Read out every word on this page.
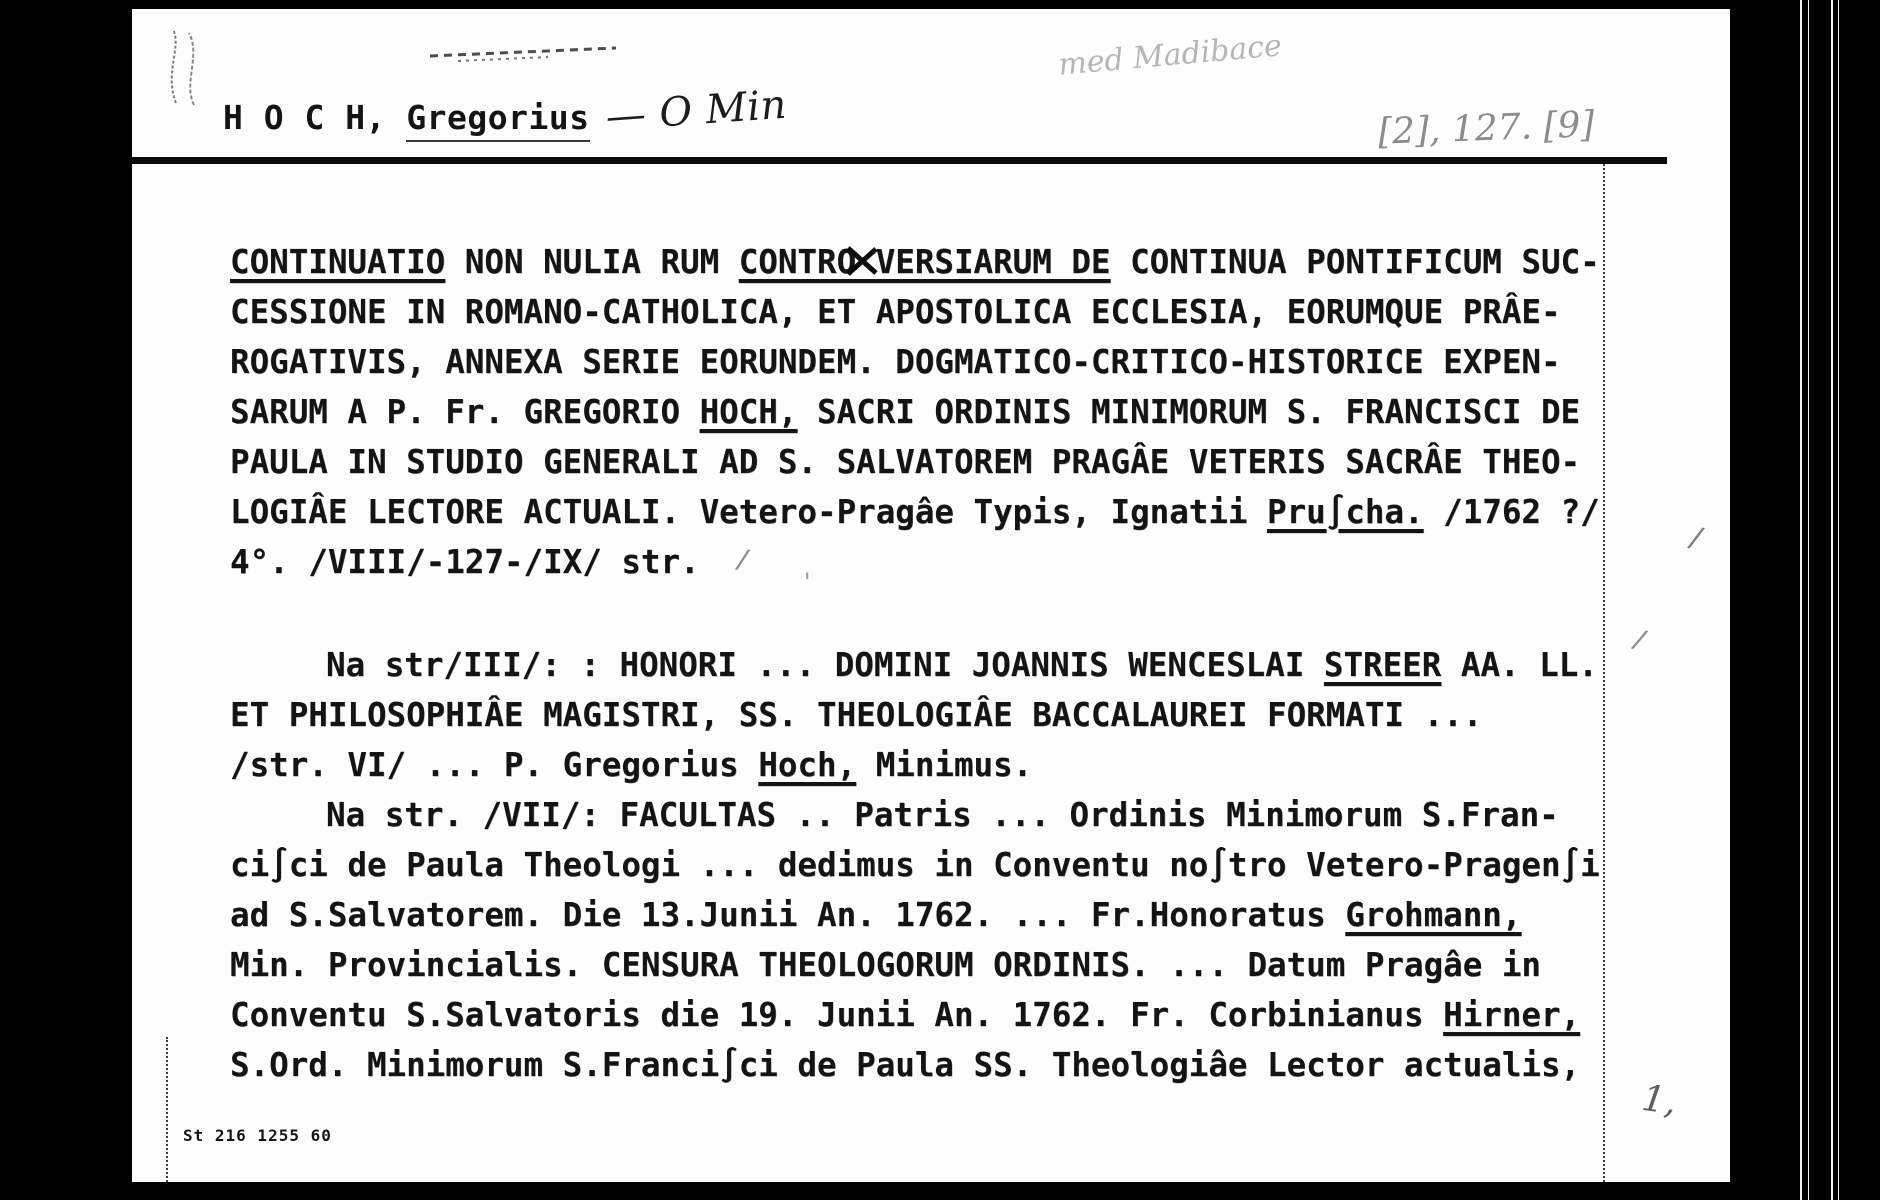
H O C H, Gregorius — O Min
med Madibace
[2], 127. [9]
CONTINUATIO NON NULIA RUM CONTRO VERSIARUM DE CONTINUA PONTIFICUM SUC-
CESSIONE IN ROMANO-CATHOLICA, ET APOSTOLICA ECCLESIA, EORUMQUE PRÂE-
ROGATIVIS, ANNEXA SERIE EORUNDEM. DOGMATICO-CRITICO-HISTORICE EXPEN-
SARUM A P. Fr. GREGORIO HOCH, SACRI ORDINIS MINIMORUM S. FRANCISCI DE
PAULA IN STUDIO GENERALI AD S. SALVATOREM PRAGÂE VETERIS SACRÂE THEO-
LOGIÂE LECTORE ACTUALI. Vetero-Pragâe Typis, Ignatii Pru∫cha. /1762 ?/
4°. /VIII/-127-/IX/ str.
Na str/III/: : HONORI ... DOMINI JOANNIS WENCESLAI STREER AA. LL.
ET PHILOSOPHIÂE MAGISTRI, SS. THEOLOGIÂE BACCALAUREI FORMATI ...
/str. VI/ ... P. Gregorius Hoch, Minimus.
Na str. /VII/: FACULTAS .. Patris ... Ordinis Minimorum S.Fran-
ci∫ci de Paula Theologi ... dedimus in Conventu no∫tro Vetero-Pragen∫i
ad S.Salvatorem. Die 13.Junii An. 1762. ... Fr.Honoratus Grohmann,
Min. Provincialis. CENSURA THEOLOGORUM ORDINIS. ... Datum Pragâe in
Conventu S.Salvatoris die 19. Junii An. 1762. Fr. Corbinianus Hirner,
S.Ord. Minimorum S.Franci∫ci de Paula SS. Theologiâe Lector actualis,
/
'
/
/
1,
St 216 1255 60
